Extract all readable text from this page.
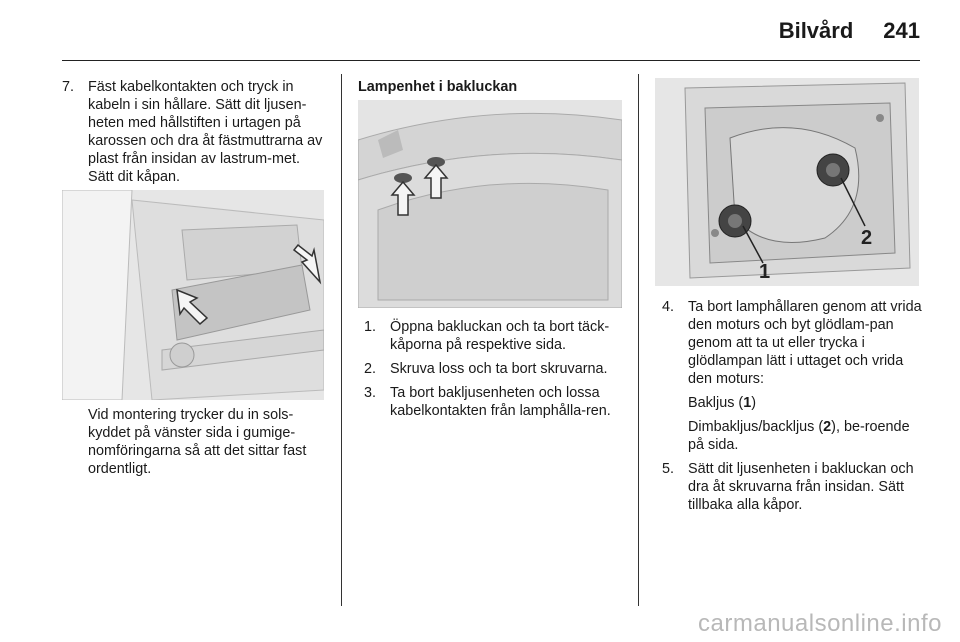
Bilvård 241
7. Fäst kabelkontakten och tryck in kabeln i sin hållare. Sätt dit ljusen-heten med hållstiften i urtagen på karossen och dra åt fästmuttrarna av plast från insidan av lastrum-met. Sätt dit kåpan.
Vid montering trycker du in sols-kyddet på vänster sida i gumige-nomföringarna så att det sittar fast ordentligt.
Lampenhet i bakluckan
1. Öppna bakluckan och ta bort täck-kåporna på respektive sida.
2. Skruva loss och ta bort skruvarna.
3. Ta bort bakljusenheten och lossa kabelkontakten från lamphålla-ren.
1
2
4. Ta bort lamphållaren genom att vrida den moturs och byt glödlam-pan genom att ta ut eller trycka i glödlampan lätt i uttaget och vrida den moturs:
Bakljus (1)
Dimbakljus/backljus (2), be-roende på sida.
5. Sätt dit ljusenheten i bakluckan och dra åt skruvarna från insidan. Sätt tillbaka alla kåpor.
carmanualsonline.info
